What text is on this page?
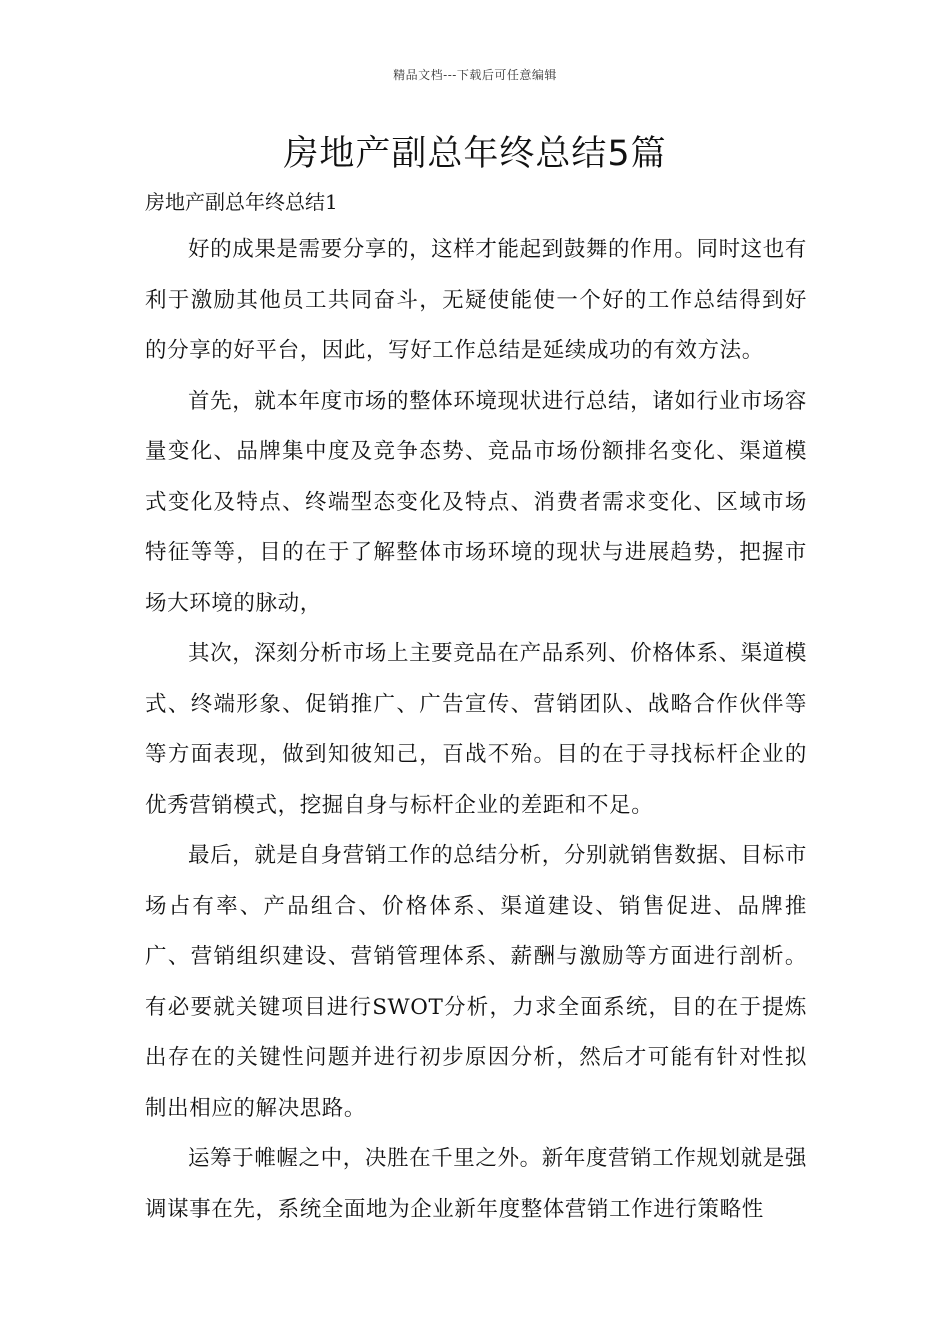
精品文档---下载后可任意编辑
房地产副总年终总结5篇
房地产副总年终总结1

好的成果是需要分享的，这样才能起到鼓舞的作用。同时这也有利于激励其他员工共同奋斗，无疑使能使一个好的工作总结得到好的分享的好平台，因此，写好工作总结是延续成功的有效方法。

首先，就本年度市场的整体环境现状进行总结，诸如行业市场容量变化、品牌集中度及竞争态势、竞品市场份额排名变化、渠道模式变化及特点、终端型态变化及特点、消费者需求变化、区域市场特征等等，目的在于了解整体市场环境的现状与进展趋势，把握市场大环境的脉动，

其次，深刻分析市场上主要竞品在产品系列、价格体系、渠道模式、终端形象、促销推广、广告宣传、营销团队、战略合作伙伴等等方面表现，做到知彼知己，百战不殆。目的在于寻找标杆企业的优秀营销模式，挖掘自身与标杆企业的差距和不足。

最后，就是自身营销工作的总结分析，分别就销售数据、目标市场占有率、产品组合、价格体系、渠道建设、销售促进、品牌推广、营销组织建设、营销管理体系、薪酬与激励等方面进行剖析。有必要就关键项目进行SWOT分析，力求全面系统，目的在于提炼出存在的关键性问题并进行初步原因分析，然后才可能有针对性拟制出相应的解决思路。

运筹于帷幄之中，决胜在千里之外。新年度营销工作规划就是强调谋事在先，系统全面地为企业新年度整体营销工作进行策略性
